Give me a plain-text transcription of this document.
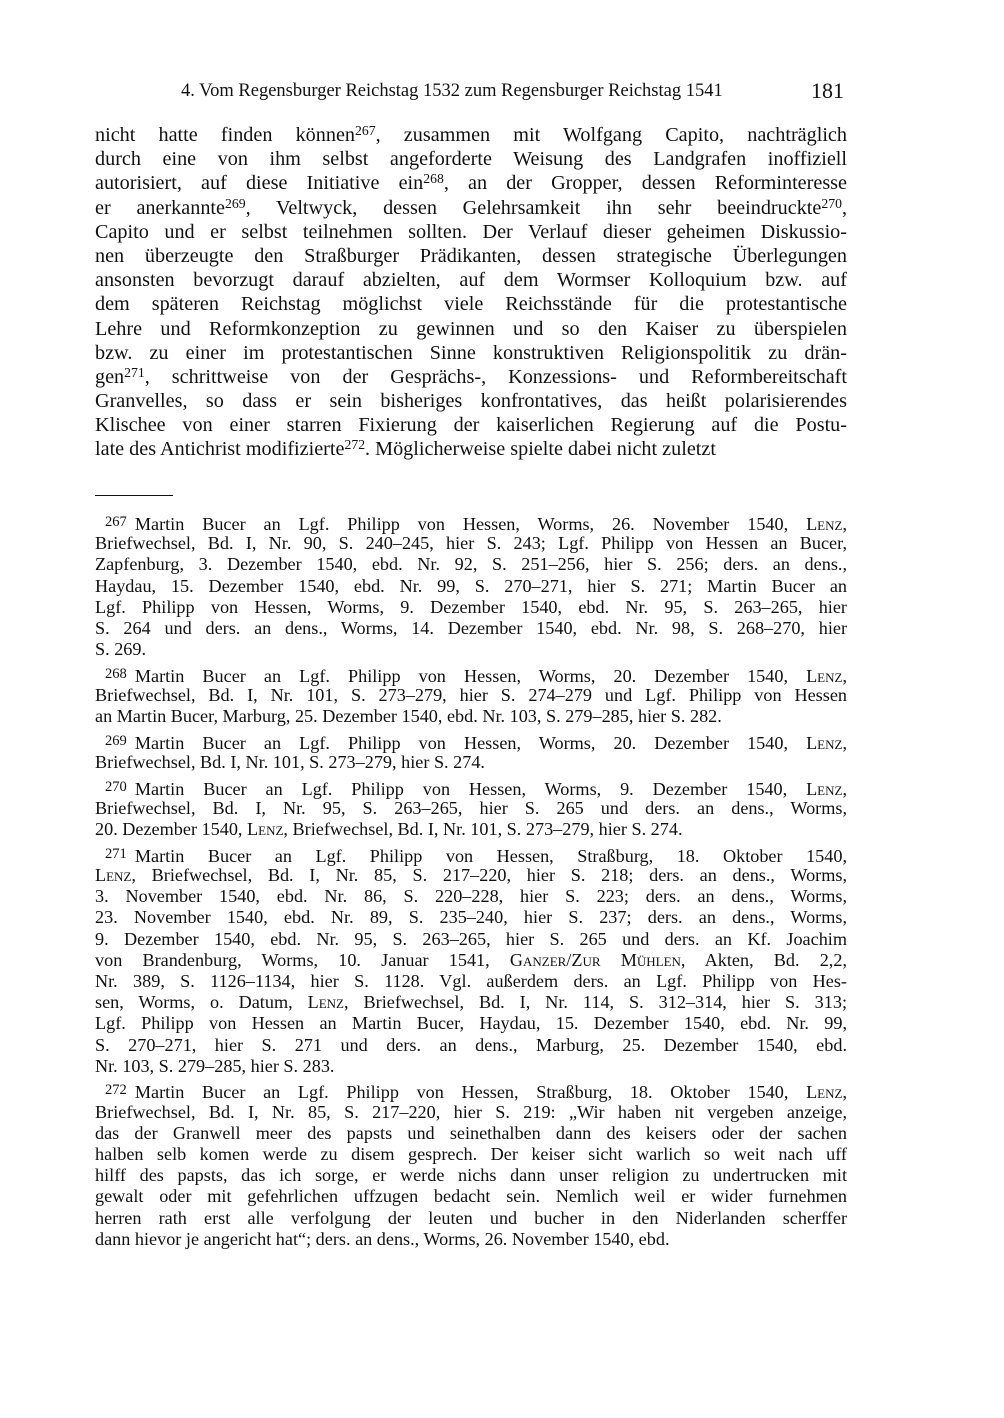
4. Vom Regensburger Reichstag 1532 zum Regensburger Reichstag 1541	181
nicht hatte finden können$^{267}$, zusammen mit Wolfgang Capito, nachträglich
durch eine von ihm selbst angeforderte Weisung des Landgrafen inoffiziell
autorisiert, auf diese Initiative ein$^{268}$, an der Gropper, dessen Reforminteresse
er anerkannte$^{269}$, Veltwyck, dessen Gelehrsamkeit ihn sehr beeindruckte$^{270}$,
Capito und er selbst teilnehmen sollten. Der Verlauf dieser geheimen Diskussio-
nen überzeugte den Straßburger Prädikanten, dessen strategische Überlegungen
ansonsten bevorzugt darauf abzielten, auf dem Wormser Kolloquium bzw. auf
dem späteren Reichstag möglichst viele Reichsstände für die protestantische
Lehre und Reformkonzeption zu gewinnen und so den Kaiser zu überspielen
bzw. zu einer im protestantischen Sinne konstruktiven Religionspolitik zu drän-
gen$^{271}$, schrittweise von der Gesprächs-, Konzessions- und Reformbereitschaft
Granvelles, so dass er sein bisheriges konfrontatives, das heißt polarisierendes
Klischee von einer starren Fixierung der kaiserlichen Regierung auf die Postu-
late des Antichrist modifizierte$^{272}$. Möglicherweise spielte dabei nicht zuletzt
$^{267}$ Martin Bucer an Lgf. Philipp von Hessen, Worms, 26. November 1540, Lenz,
Briefwechsel, Bd. I, Nr. 90, S. 240–245, hier S. 243; Lgf. Philipp von Hessen an Bucer,
Zapfenburg, 3. Dezember 1540, ebd. Nr. 92, S. 251–256, hier S. 256; ders. an dens.,
Haydau, 15. Dezember 1540, ebd. Nr. 99, S. 270–271, hier S. 271; Martin Bucer an
Lgf. Philipp von Hessen, Worms, 9. Dezember 1540, ebd. Nr. 95, S. 263–265, hier
S. 264 und ders. an dens., Worms, 14. Dezember 1540, ebd. Nr. 98, S. 268–270, hier
S. 269.
$^{268}$ Martin Bucer an Lgf. Philipp von Hessen, Worms, 20. Dezember 1540, Lenz,
Briefwechsel, Bd. I, Nr. 101, S. 273–279, hier S. 274–279 und Lgf. Philipp von Hessen
an Martin Bucer, Marburg, 25. Dezember 1540, ebd. Nr. 103, S. 279–285, hier S. 282.
$^{269}$ Martin Bucer an Lgf. Philipp von Hessen, Worms, 20. Dezember 1540, Lenz,
Briefwechsel, Bd. I, Nr. 101, S. 273–279, hier S. 274.
$^{270}$ Martin Bucer an Lgf. Philipp von Hessen, Worms, 9. Dezember 1540, Lenz,
Briefwechsel, Bd. I, Nr. 95, S. 263–265, hier S. 265 und ders. an dens., Worms,
20. Dezember 1540, Lenz, Briefwechsel, Bd. I, Nr. 101, S. 273–279, hier S. 274.
$^{271}$ Martin Bucer an Lgf. Philipp von Hessen, Straßburg, 18. Oktober 1540,
Lenz, Briefwechsel, Bd. I, Nr. 85, S. 217–220, hier S. 218; ders. an dens., Worms,
3. November 1540, ebd. Nr. 86, S. 220–228, hier S. 223; ders. an dens., Worms,
23. November 1540, ebd. Nr. 89, S. 235–240, hier S. 237; ders. an dens., Worms,
9. Dezember 1540, ebd. Nr. 95, S. 263–265, hier S. 265 und ders. an Kf. Joachim
von Brandenburg, Worms, 10. Januar 1541, Ganzer/Zur Mühlen, Akten, Bd. 2,2,
Nr. 389, S. 1126–1134, hier S. 1128. Vgl. außerdem ders. an Lgf. Philipp von Hes-
sen, Worms, o. Datum, Lenz, Briefwechsel, Bd. I, Nr. 114, S. 312–314, hier S. 313;
Lgf. Philipp von Hessen an Martin Bucer, Haydau, 15. Dezember 1540, ebd. Nr. 99,
S. 270–271, hier S. 271 und ders. an dens., Marburg, 25. Dezember 1540, ebd.
Nr. 103, S. 279–285, hier S. 283.
$^{272}$ Martin Bucer an Lgf. Philipp von Hessen, Straßburg, 18. Oktober 1540, Lenz,
Briefwechsel, Bd. I, Nr. 85, S. 217–220, hier S. 219: „Wir haben nit vergeben anzeige,
das der Granwell meer des papsts und seinethalben dann des keisers oder der sachen
halben selb komen werde zu disem gesprech. Der keiser sicht warlich so weit nach uff
hilff des papsts, das ich sorge, er werde nichs dann unser religion zu undertrucken mit
gewalt oder mit gefehrlichen uffzugen bedacht sein. Nemlich weil er wider furnehmen
herren rath erst alle verfolgung der leuten und bucher in den Niderlanden scherffer
dann hievor je angericht hat“; ders. an dens., Worms, 26. November 1540, ebd.
